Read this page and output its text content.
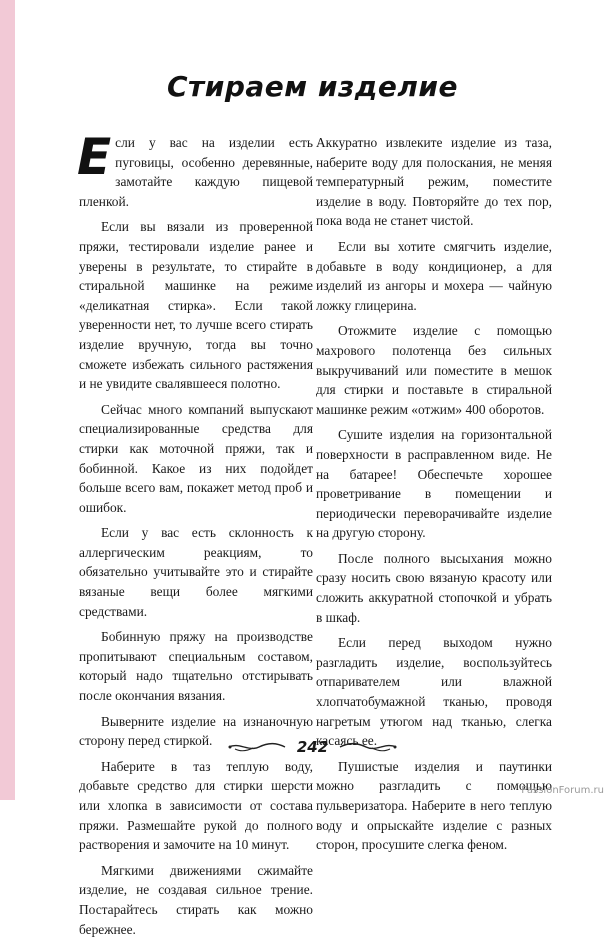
Стираем изделие

Если у вас на изделии есть пуговицы, особенно деревянные, замотайте каждую пищевой пленкой.

Если вы вязали из проверенной пряжи, тестировали изделие ранее и уверены в результате, то стирайте в стиральной машинке на режиме «деликатная стирка». Если такой уверенности нет, то лучше всего стирать изделие вручную, тогда вы точно сможете избежать сильного растяжения и не увидите свалявшееся полотно.

Сейчас много компаний выпускают специализированные средства для стирки как моточной пряжи, так и бобинной. Какое из них подойдет больше всего вам, покажет метод проб и ошибок.

Если у вас есть склонность к аллергическим реакциям, то обязательно учитывайте это и стирайте вязаные вещи более мягкими средствами.

Бобинную пряжу на производстве пропитывают специальным составом, который надо тщательно отстирывать после окончания вязания.

Выверните изделие на изнаночную сторону перед стиркой.

Наберите в таз теплую воду, добавьте средство для стирки шерсти или хлопка в зависимости от состава пряжи. Размешайте рукой до полного растворения и замочите на 10 минут.

Мягкими движениями сжимайте изделие, не создавая сильное трение. Постарайтесь стирать как можно бережнее.

Аккуратно извлеките изделие из таза, наберите воду для полоскания, не меняя температурный режим, поместите изделие в воду. Повторяйте до тех пор, пока вода не станет чистой.

Если вы хотите смягчить изделие, добавьте в воду кондиционер, а для изделий из ангоры и мохера — чайную ложку глицерина.

Отожмите изделие с помощью махрового полотенца без сильных выкручиваний или поместите в мешок для стирки и поставьте в стиральной машинке режим «отжим» 400 оборотов.

Сушите изделия на горизонтальной поверхности в расправленном виде. Не на батарее! Обеспечьте хорошее проветривание в помещении и периодически переворачивайте изделие на другую сторону.

После полного высыхания можно сразу носить свою вязаную красоту или сложить аккуратной стопочкой и убрать в шкаф.

Если перед выходом нужно разгладить изделие, воспользуйтесь отпаривателем или влажной хлопчатобумажной тканью, проводя нагретым утюгом над тканью, слегка касаясь ее.

Пушистые изделия и паутинки можно разгладить с помощью пульверизатора. Наберите в него теплую воду и опрыскайте изделие с разных сторон, просушите слегка феном.

242
PassionForum.ru
